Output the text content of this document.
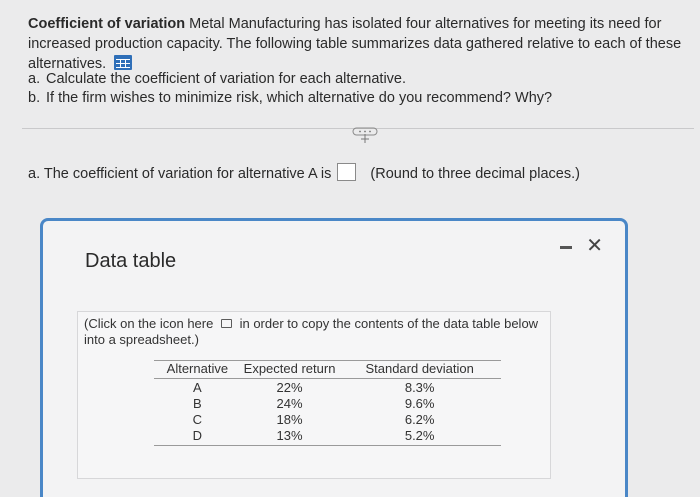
Coefficient of variation Metal Manufacturing has isolated four alternatives for meeting its need for increased production capacity. The following table summarizes data gathered relative to each of these alternatives.
a. Calculate the coefficient of variation for each alternative.
b. If the firm wishes to minimize risk, which alternative do you recommend? Why?
a. The coefficient of variation for alternative A is	(Round to three decimal places.)
Data table
✕
(Click on the icon here in order to copy the contents of the data table below into a spreadsheet.)
Alternative	Expected return	Standard deviation
A	22%	8.3%
B	24%	9.6%
C	18%	6.2%
D	13%	5.2%
